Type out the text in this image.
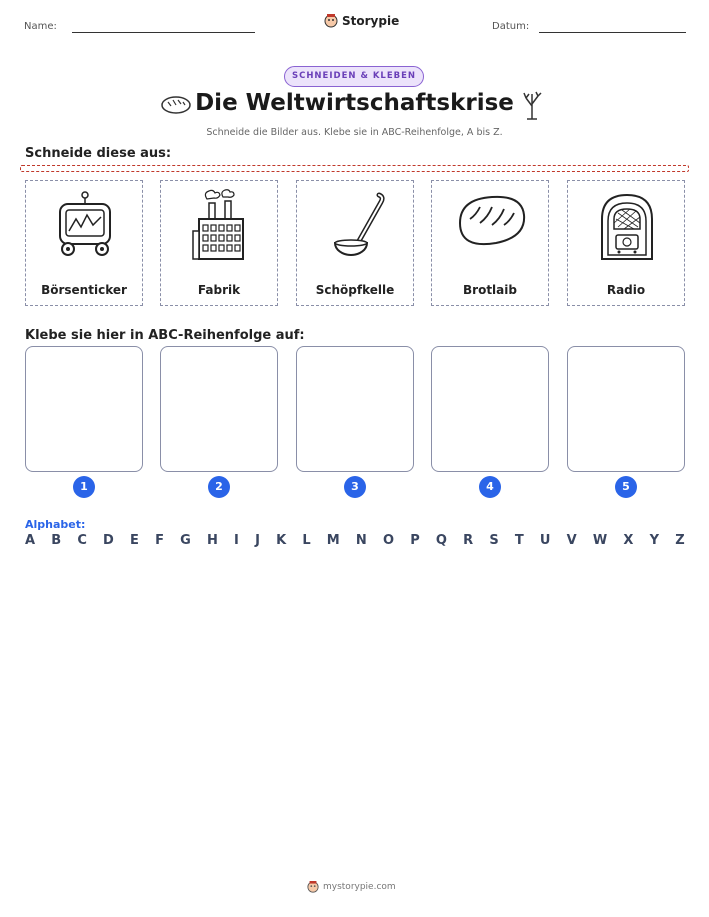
Name:	Storypie	Datum:
SCHNEIDEN & KLEBEN
Die Weltwirtschaftskrise
Schneide die Bilder aus. Klebe sie in ABC-Reihenfolge, A bis Z.
Schneide diese aus:
Börsenticker	Fabrik	Schöpfkelle	Brotlaib	Radio
Klebe sie hier in ABC-Reihenfolge auf:
1	2	3	4	5
Alphabet:
A B C D E F G H I J K L M N O P Q R S T U V W X Y Z
mystorypie.com
